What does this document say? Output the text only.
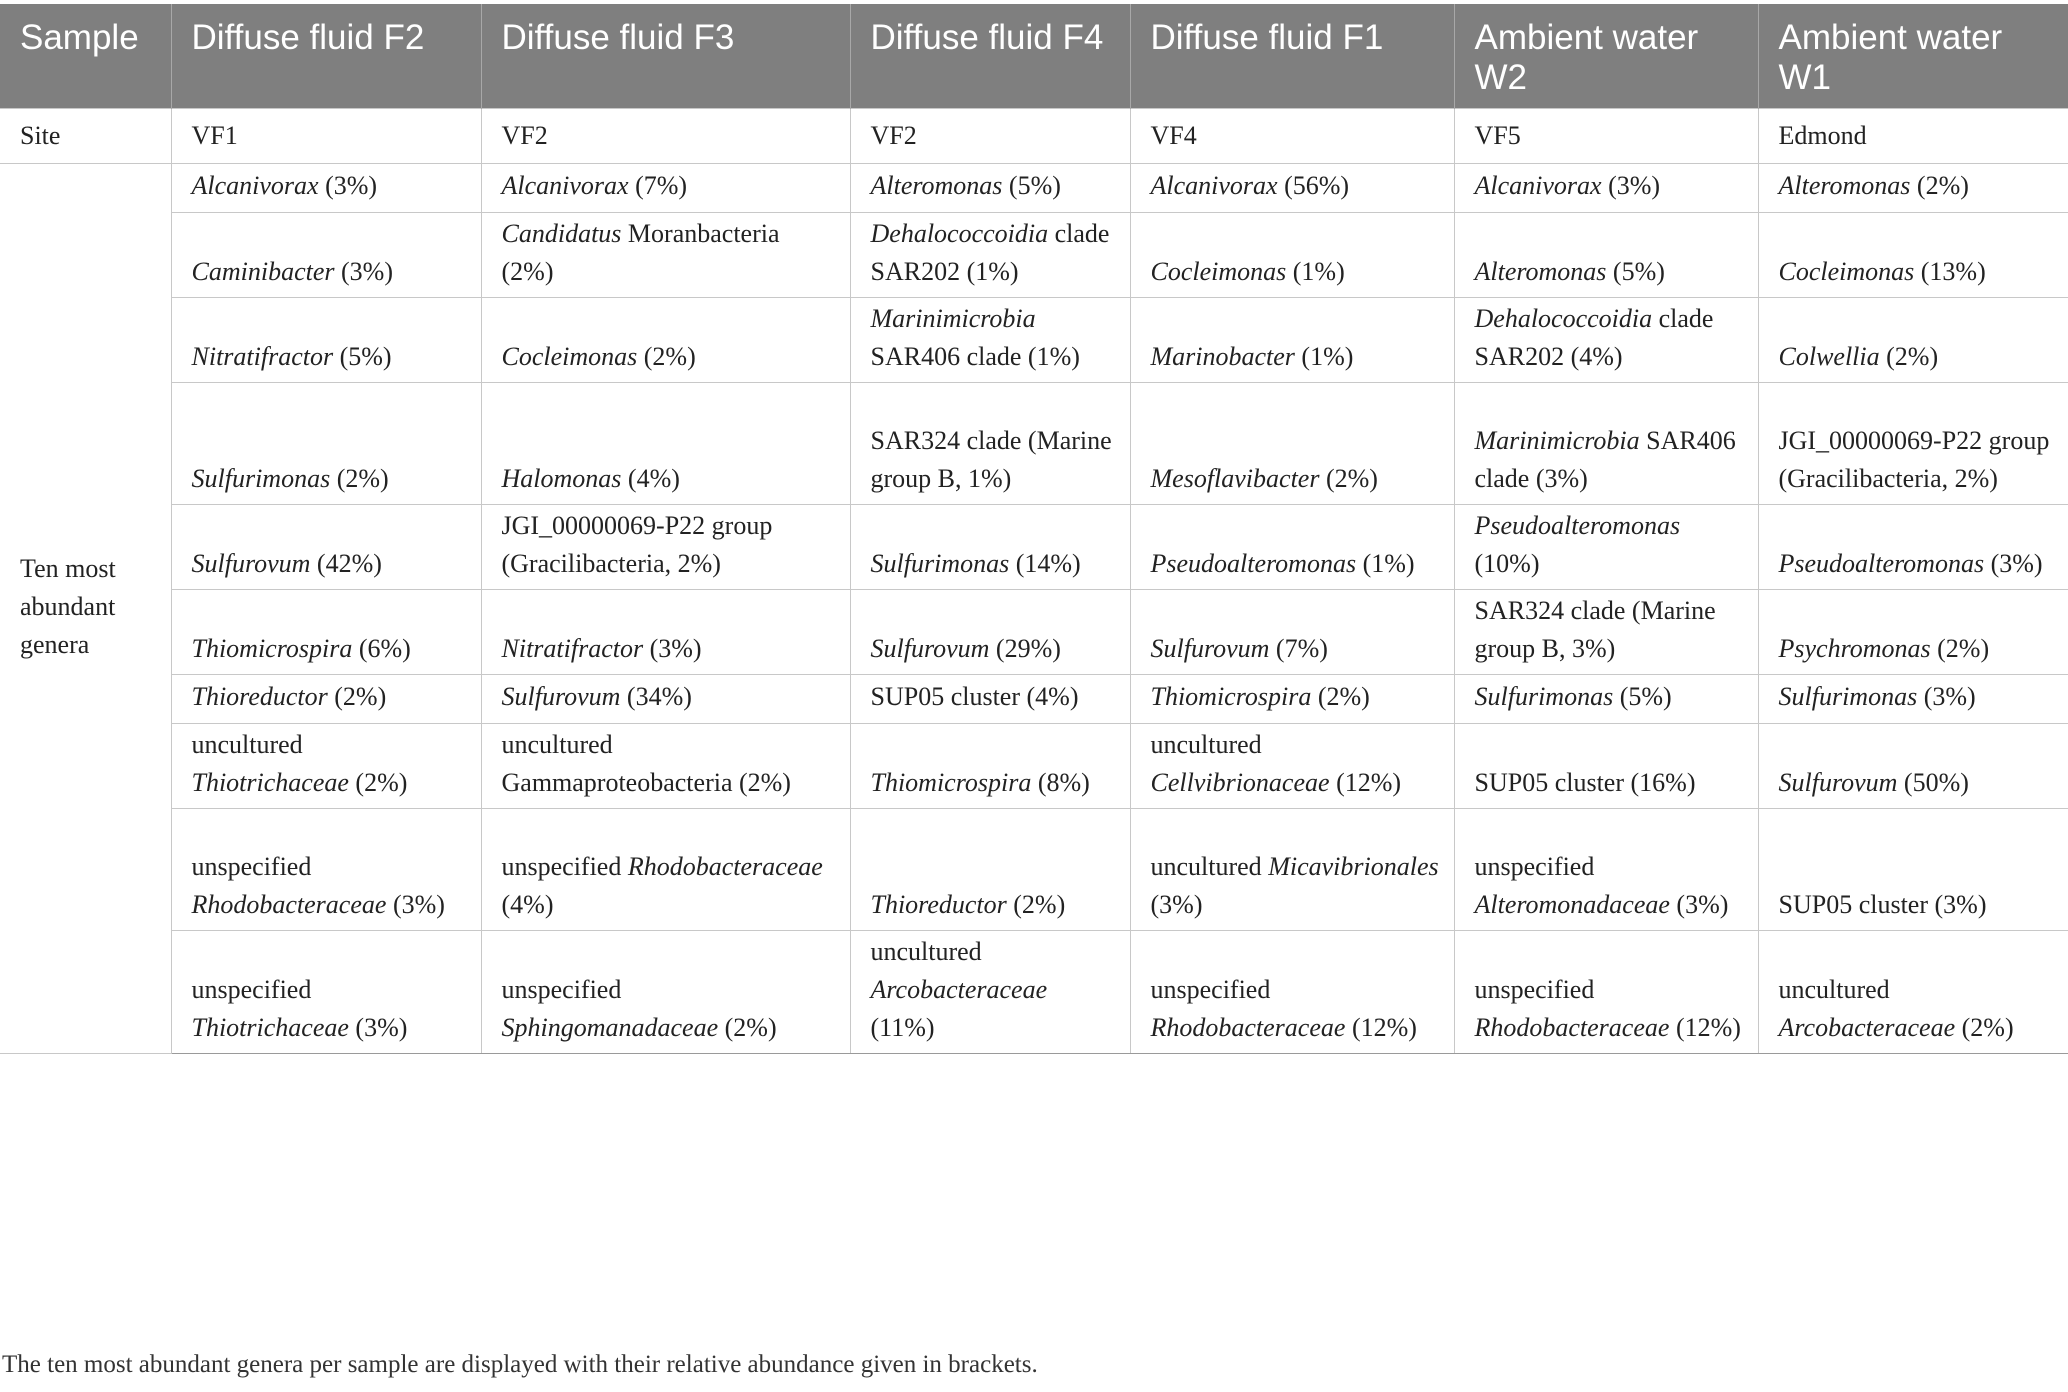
Sample	Diffuse fluid F2	Diffuse fluid F3	Diffuse fluid F4	Diffuse fluid F1	Ambient water W2	Ambient water W1
Site	VF1	VF2	VF2	VF4	VF5	Edmond
Ten most abundant genera	Alcanivorax (3%)	Alcanivorax (7%)	Alteromonas (5%)	Alcanivorax (56%)	Alcanivorax (3%)	Alteromonas (2%)
	Caminibacter (3%)	Candidatus Moranbacteria (2%)	Dehalococcoidia clade SAR202 (1%)	Cocleimonas (1%)	Alteromonas (5%)	Cocleimonas (13%)
	Nitratifractor (5%)	Cocleimonas (2%)	Marinimicrobia SAR406 clade (1%)	Marinobacter (1%)	Dehalococcoidia clade SAR202 (4%)	Colwellia (2%)
	Sulfurimonas (2%)	Halomonas (4%)	SAR324 clade (Marine group B, 1%)	Mesoflavibacter (2%)	Marinimicrobia SAR406 clade (3%)	JGI_00000069-P22 group (Gracilibacteria, 2%)
	Sulfurovum (42%)	JGI_00000069-P22 group (Gracilibacteria, 2%)	Sulfurimonas (14%)	Pseudoalteromonas (1%)	Pseudoalteromonas (10%)	Pseudoalteromonas (3%)
	Thiomicrospira (6%)	Nitratifractor (3%)	Sulfurovum (29%)	Sulfurovum (7%)	SAR324 clade (Marine group B, 3%)	Psychromonas (2%)
	Thioreductor (2%)	Sulfurovum (34%)	SUP05 cluster (4%)	Thiomicrospira (2%)	Sulfurimonas (5%)	Sulfurimonas (3%)
	uncultured Thiotrichaceae (2%)	uncultured Gammaproteobacteria (2%)	Thiomicrospira (8%)	uncultured Cellvibrionaceae (12%)	SUP05 cluster (16%)	Sulfurovum (50%)
	unspecified Rhodobacteraceae (3%)	unspecified Rhodobacteraceae (4%)	Thioreductor (2%)	uncultured Micavibrionales (3%)	unspecified Alteromonadaceae (3%)	SUP05 cluster (3%)
	unspecified Thiotrichaceae (3%)	unspecified Sphingomanadaceae (2%)	uncultured Arcobacteraceae (11%)	unspecified Rhodobacteraceae (12%)	unspecified Rhodobacteraceae (12%)	uncultured Arcobacteraceae (2%)
The ten most abundant genera per sample are displayed with their relative abundance given in brackets.
